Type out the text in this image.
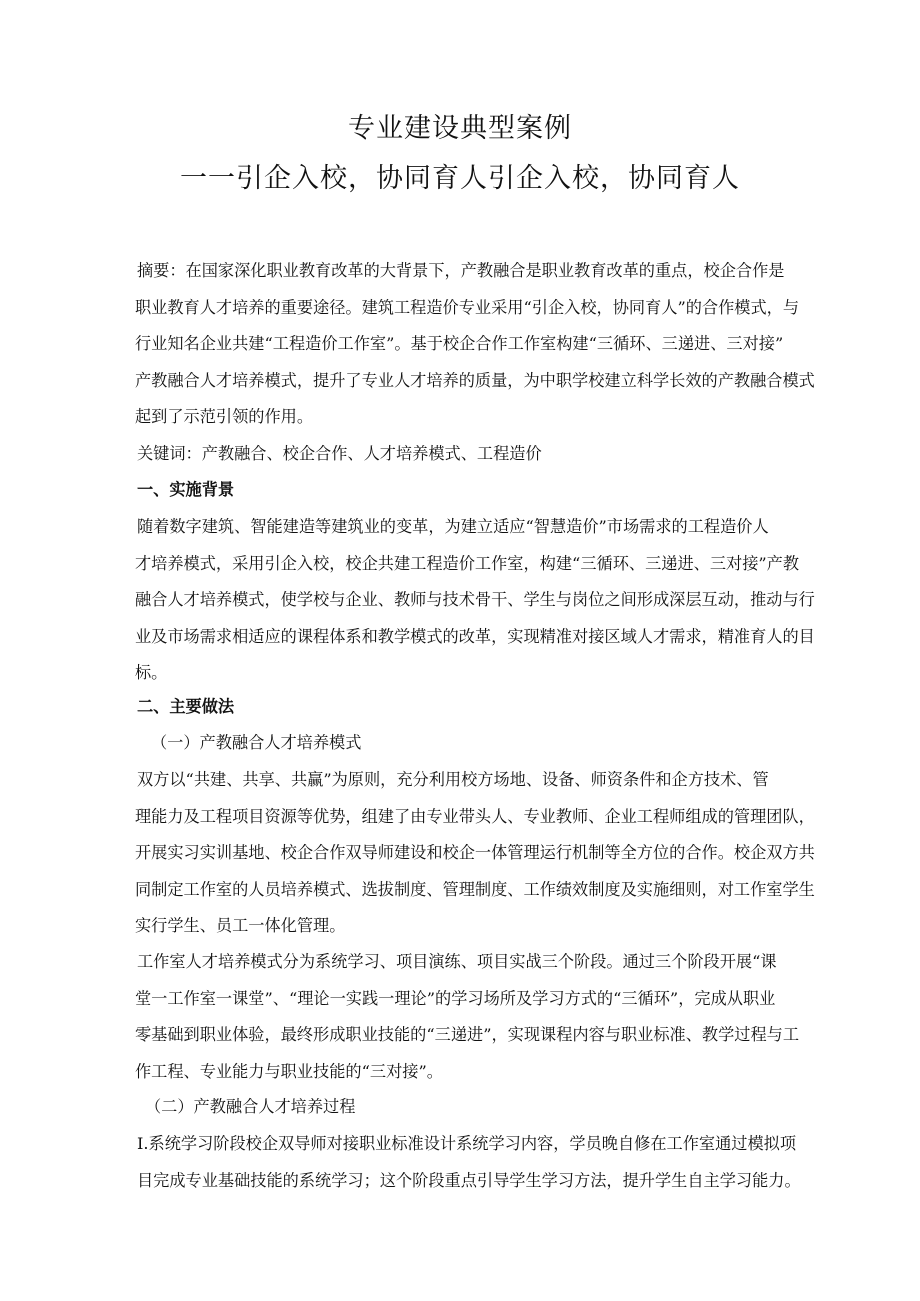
专业建设典型案例
一一引企入校，协同育人引企入校，协同育人
摘要：在国家深化职业教育改革的大背景下，产教融合是职业教育改革的重点，校企合作是
职业教育人才培养的重要途径。建筑工程造价专业采用“引企入校，协同育人”的合作模式，与
行业知名企业共建“工程造价工作室”。基于校企合作工作室构建“三循环、三递进、三对接”
产教融合人才培养模式，提升了专业人才培养的质量，为中职学校建立科学长效的产教融合模式
起到了示范引领的作用。
关键词：产教融合、校企合作、人才培养模式、工程造价
一、实施背景
随着数字建筑、智能建造等建筑业的变革，为建立适应“智慧造价”市场需求的工程造价人
才培养模式，采用引企入校，校企共建工程造价工作室，构建“三循环、三递进、三对接”产教
融合人才培养模式，使学校与企业、教师与技术骨干、学生与岗位之间形成深层互动，推动与行
业及市场需求相适应的课程体系和教学模式的改革，实现精准对接区域人才需求，精准育人的目
标。
二、主要做法
（一）产教融合人才培养模式
双方以“共建、共享、共赢”为原则，充分利用校方场地、设备、师资条件和企方技术、管
理能力及工程项目资源等优势，组建了由专业带头人、专业教师、企业工程师组成的管理团队，
开展实习实训基地、校企合作双导师建设和校企一体管理运行机制等全方位的合作。校企双方共
同制定工作室的人员培养模式、选拔制度、管理制度、工作绩效制度及实施细则，对工作室学生
实行学生、员工一体化管理。
工作室人才培养模式分为系统学习、项目演练、项目实战三个阶段。通过三个阶段开展“课
堂一工作室一课堂”、“理论一实践一理论”的学习场所及学习方式的“三循环”，完成从职业
零基础到职业体验，最终形成职业技能的“三递进”，实现课程内容与职业标准、教学过程与工
作工程、专业能力与职业技能的“三对接”。
（二）产教融合人才培养过程
I.系统学习阶段校企双导师对接职业标准设计系统学习内容，学员晚自修在工作室通过模拟项
目完成专业基础技能的系统学习；这个阶段重点引导学生学习方法，提升学生自主学习能力。
